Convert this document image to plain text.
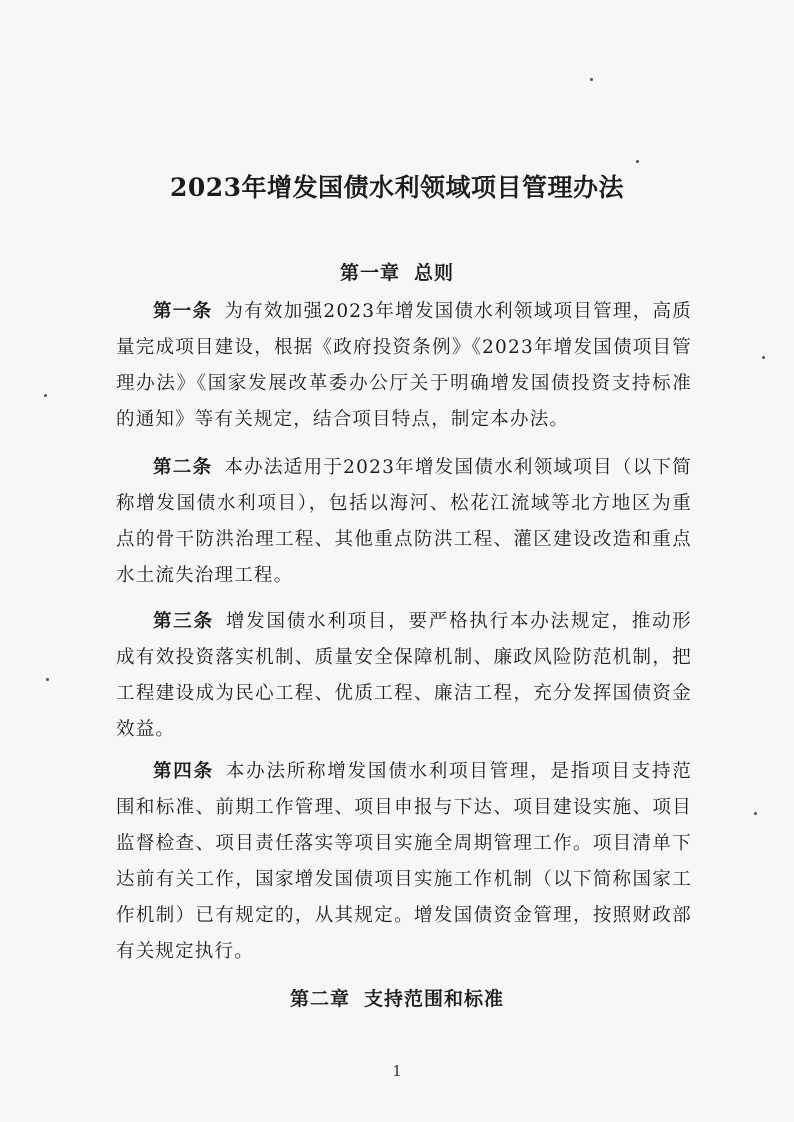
2023年增发国债水利领域项目管理办法
第一章 总则

第一条 为有效加强2023年增发国债水利领域项目管理，高质量完成项目建设，根据《政府投资条例》《2023年增发国债项目管理办法》《国家发展改革委办公厅关于明确增发国债投资支持标准的通知》等有关规定，结合项目特点，制定本办法。

第二条 本办法适用于2023年增发国债水利领域项目（以下简称增发国债水利项目），包括以海河、松花江流域等北方地区为重点的骨干防洪治理工程、其他重点防洪工程、灌区建设改造和重点水土流失治理工程。

第三条 增发国债水利项目，要严格执行本办法规定，推动形成有效投资落实机制、质量安全保障机制、廉政风险防范机制，把工程建设成为民心工程、优质工程、廉洁工程，充分发挥国债资金效益。

第四条 本办法所称增发国债水利项目管理，是指项目支持范围和标准、前期工作管理、项目申报与下达、项目建设实施、项目监督检查、项目责任落实等项目实施全周期管理工作。项目清单下达前有关工作，国家增发国债项目实施工作机制（以下简称国家工作机制）已有规定的，从其规定。增发国债资金管理，按照财政部有关规定执行。

第二章 支持范围和标准
1
